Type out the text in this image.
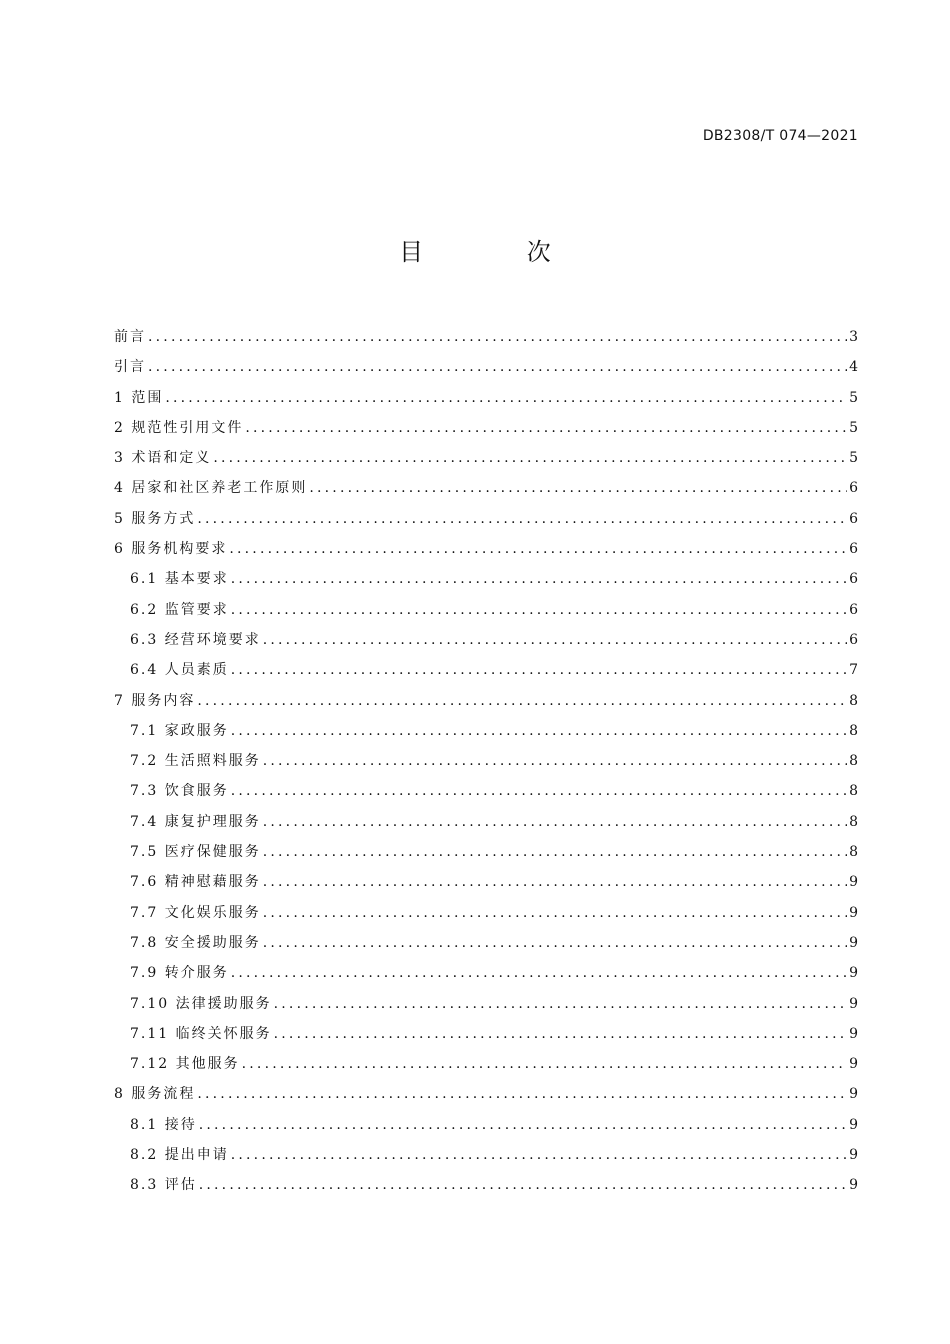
DB2308/T 074—2021
目 次
前言 .....	3
引言 .....	4
1 范围 .....	5
2 规范性引用文件 .....	5
3 术语和定义 .....	5
4 居家和社区养老工作原则 .....	6
5 服务方式 .....	6
6 服务机构要求 .....	6
6.1 基本要求 .....	6
6.2 监管要求 .....	6
6.3 经营环境要求 .....	6
6.4 人员素质 .....	7
7 服务内容 .....	8
7.1 家政服务 .....	8
7.2 生活照料服务 .....	8
7.3 饮食服务 .....	8
7.4 康复护理服务 .....	8
7.5 医疗保健服务 .....	8
7.6 精神慰藉服务 .....	9
7.7 文化娱乐服务 .....	9
7.8 安全援助服务 .....	9
7.9 转介服务 .....	9
7.10 法律援助服务 .....	9
7.11 临终关怀服务 .....	9
7.12 其他服务 .....	9
8 服务流程 .....	9
8.1 接待 .....	9
8.2 提出申请 .....	9
8.3 评估 .....	9
